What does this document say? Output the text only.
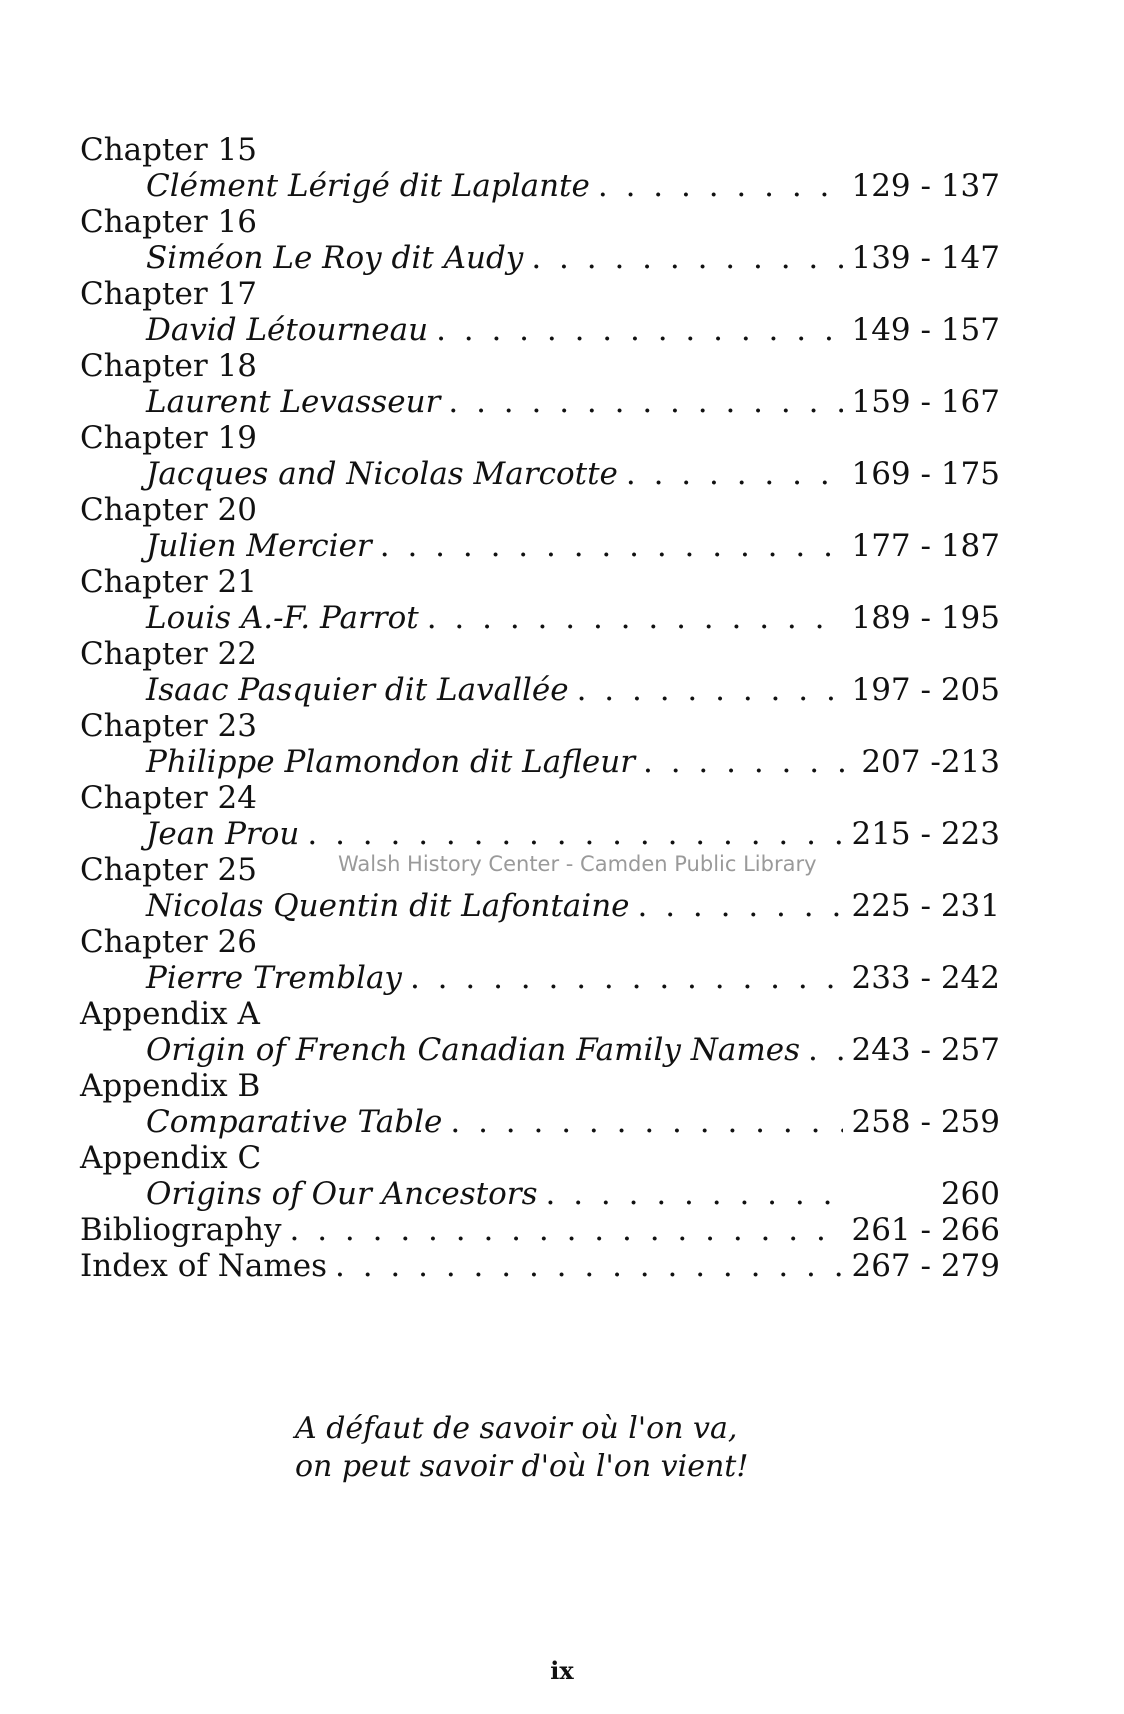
Chapter 15
Clément Lérigé dit Laplante . . .	129 - 137
Chapter 16
Siméon Le Roy dit Audy . . .	139 - 147
Chapter 17
David Létourneau . . .	149 - 157
Chapter 18
Laurent Levasseur . . .	159 - 167
Chapter 19
Jacques and Nicolas Marcotte . . .	169 - 175
Chapter 20
Julien Mercier . . .	177 - 187
Chapter 21
Louis A.-F. Parrot . . .	189 - 195
Chapter 22
Isaac Pasquier dit Lavallée . . .	197 - 205
Chapter 23
Philippe Plamondon dit Lafleur . . .	207 -213
Chapter 24
Jean Prou . . .	215 - 223
Chapter 25
Nicolas Quentin dit Lafontaine . . .	225 - 231
Chapter 26
Pierre Tremblay . . .	233 - 242
Appendix A
Origin of French Canadian Family Names . . . 243 - 257
Appendix B
Comparative Table . . .	258 - 259
Appendix C
Origins of Our Ancestors . . .	260
Bibliography . . .	261 - 266
Index of Names . . .	267 - 279
Walsh History Center - Camden Public Library
A défaut de savoir où l'on va,
on peut savoir d'où l'on vient!
ix
